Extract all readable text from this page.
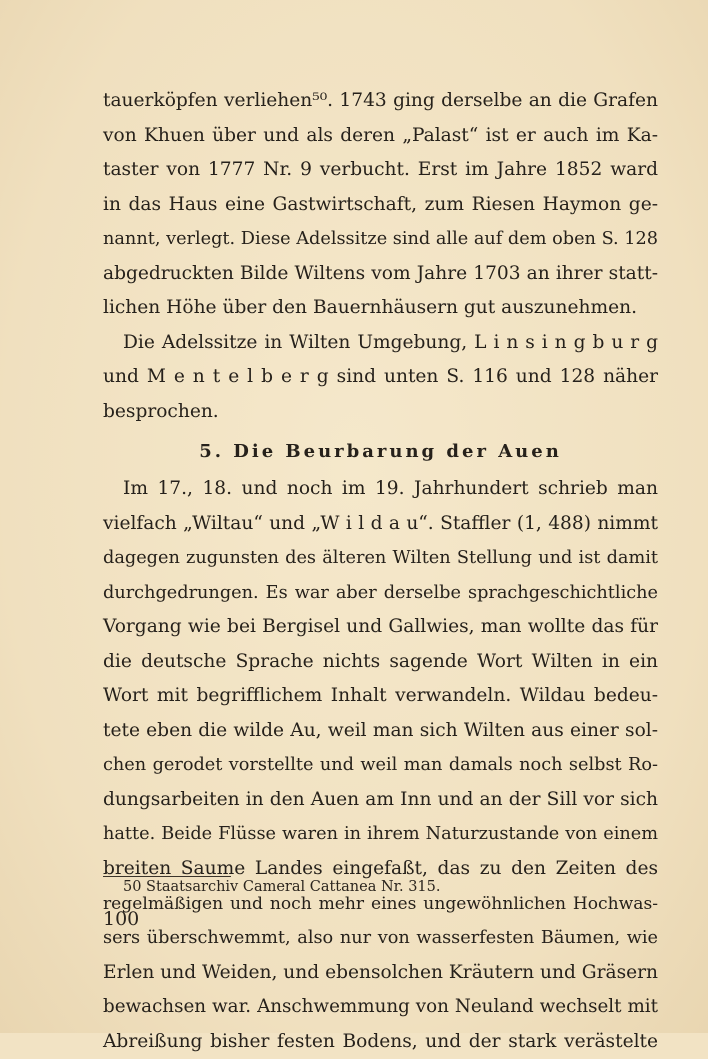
tauerköpfen verliehen⁵⁰. 1743 ging derselbe an die Grafen
von Khuen über und als deren „Palast“ ist er auch im Ka-
taster von 1777 Nr. 9 verbucht. Erst im Jahre 1852 ward
in das Haus eine Gastwirtschaft, zum Riesen Haymon ge-
nannt, verlegt. Diese Adelssitze sind alle auf dem oben S. 128
abgedruckten Bilde Wiltens vom Jahre 1703 an ihrer statt-
lichen Höhe über den Bauernhäusern gut auszunehmen.
Die Adelssitze in Wilten Umgebung, L i n s i n g b u r g
und M e n t e l b e r g sind unten S. 116 und 128 näher
besprochen.
5. Die Beurbarung der Auen
Im 17., 18. und noch im 19. Jahrhundert schrieb man
vielfach „Wiltau“ und „W i l d a u“. Staffler (1, 488) nimmt
dagegen zugunsten des älteren Wilten Stellung und ist damit
durchgedrungen. Es war aber derselbe sprachgeschichtliche
Vorgang wie bei Bergisel und Gallwies, man wollte das für
die deutsche Sprache nichts sagende Wort Wilten in ein
Wort mit begrifflichem Inhalt verwandeln. Wildau bedeu-
tete eben die wilde Au, weil man sich Wilten aus einer sol-
chen gerodet vorstellte und weil man damals noch selbst Ro-
dungsarbeiten in den Auen am Inn und an der Sill vor sich
hatte. Beide Flüsse waren in ihrem Naturzustande von einem
breiten Saume Landes eingefaßt, das zu den Zeiten des
regelmäßigen und noch mehr eines ungewöhnlichen Hochwas-
sers überschwemmt, also nur von wasserfesten Bäumen, wie
Erlen und Weiden, und ebensolchen Kräutern und Gräsern
bewachsen war. Anschwemmung von Neuland wechselt mit
Abreißung bisher festen Bodens, und der stark verästelte
50 Staatsarchiv Cameral Cattanea Nr. 315.
100
